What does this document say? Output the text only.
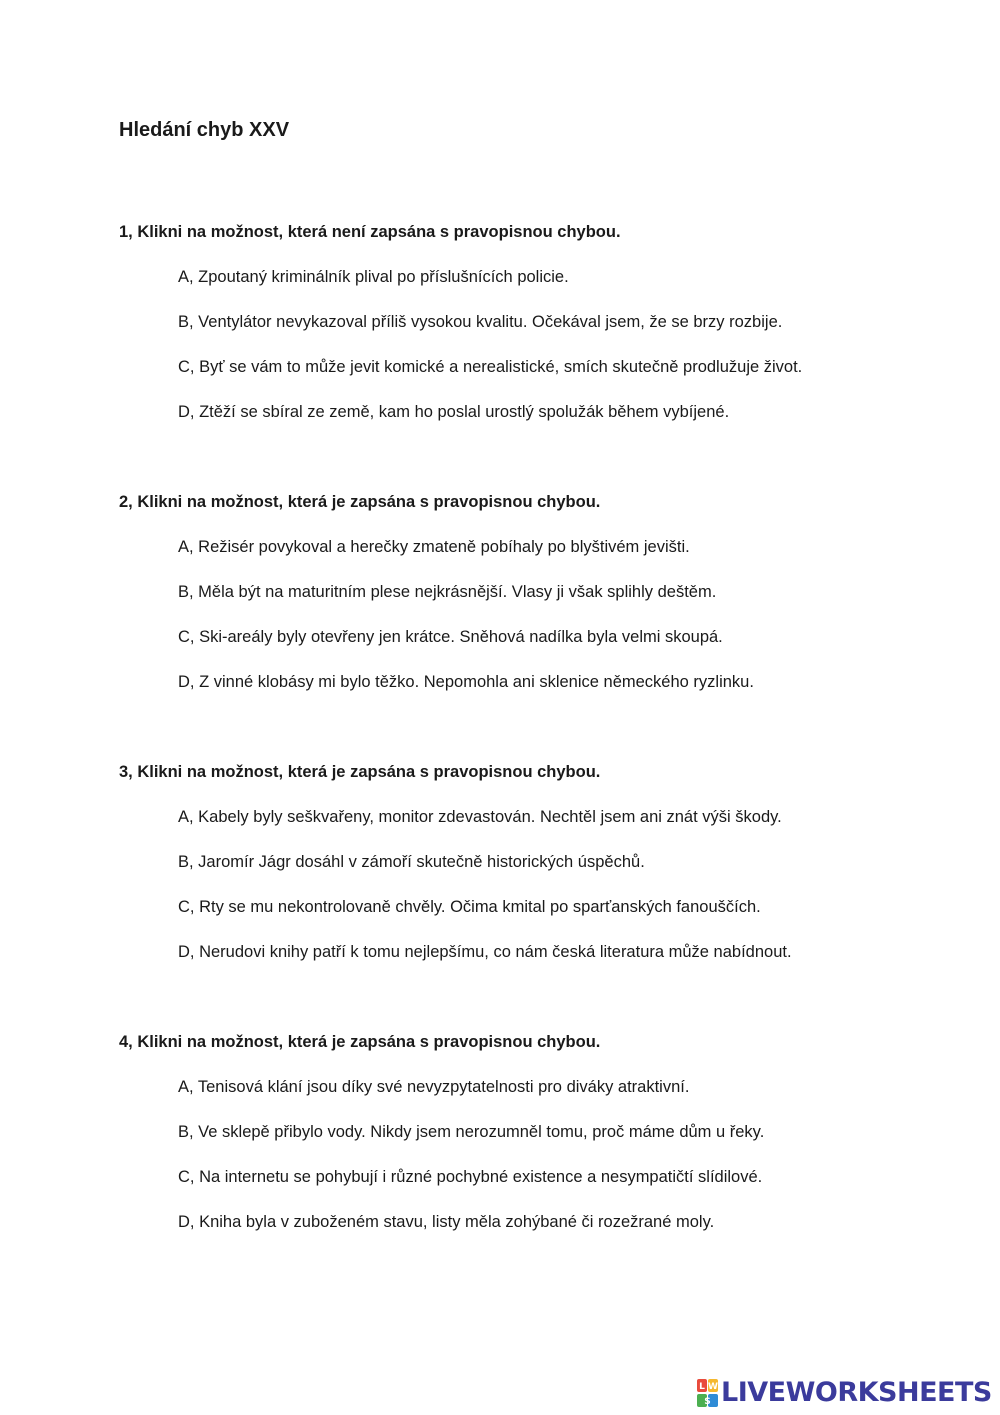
Hledání chyb XXV
1, Klikni na možnost, která není zapsána s pravopisnou chybou.
A, Zpoutaný kriminálník plival po příslušnících policie.
B, Ventylátor nevykazoval příliš vysokou kvalitu. Očekával jsem, že se brzy rozbije.
C, Byť se vám to může jevit komické a nerealistické, smích skutečně prodlužuje život.
D, Ztěží se sbíral ze země, kam ho poslal urostlý spolužák během vybíjené.
2, Klikni na možnost, která je zapsána s pravopisnou chybou.
A, Režisér povykoval a herečky zmateně pobíhaly po blyštivém jevišti.
B, Měla být na maturitním plese nejkrásnější. Vlasy ji však splihly deštěm.
C, Ski-areály byly otevřeny jen krátce. Sněhová nadílka byla velmi skoupá.
D, Z vinné klobásy mi bylo těžko. Nepomohla ani sklenice německého ryzlinku.
3, Klikni na možnost, která je zapsána s pravopisnou chybou.
A, Kabely byly seškvařeny, monitor zdevastován. Nechtěl jsem ani znát výši škody.
B, Jaromír Jágr dosáhl v zámoří skutečně historických úspěchů.
C, Rty se mu nekontrolovaně chvěly. Očima kmital po sparťanských fanouščích.
D, Nerudovi knihy patří k tomu nejlepšímu, co nám česká literatura může nabídnout.
4, Klikni na možnost, která je zapsána s pravopisnou chybou.
A, Tenisová klání jsou díky své nevyzpytatelnosti pro diváky atraktivní.
B, Ve sklepě přibylo vody. Nikdy jsem nerozumněl tomu, proč máme dům u řeky.
C, Na internetu se pohybují i různé pochybné existence a nesympatičtí slídilové.
D, Kniha byla v zuboženém stavu, listy měla zohýbané či rozežrané moly.
L W
S LIVEWORKSHEETS
